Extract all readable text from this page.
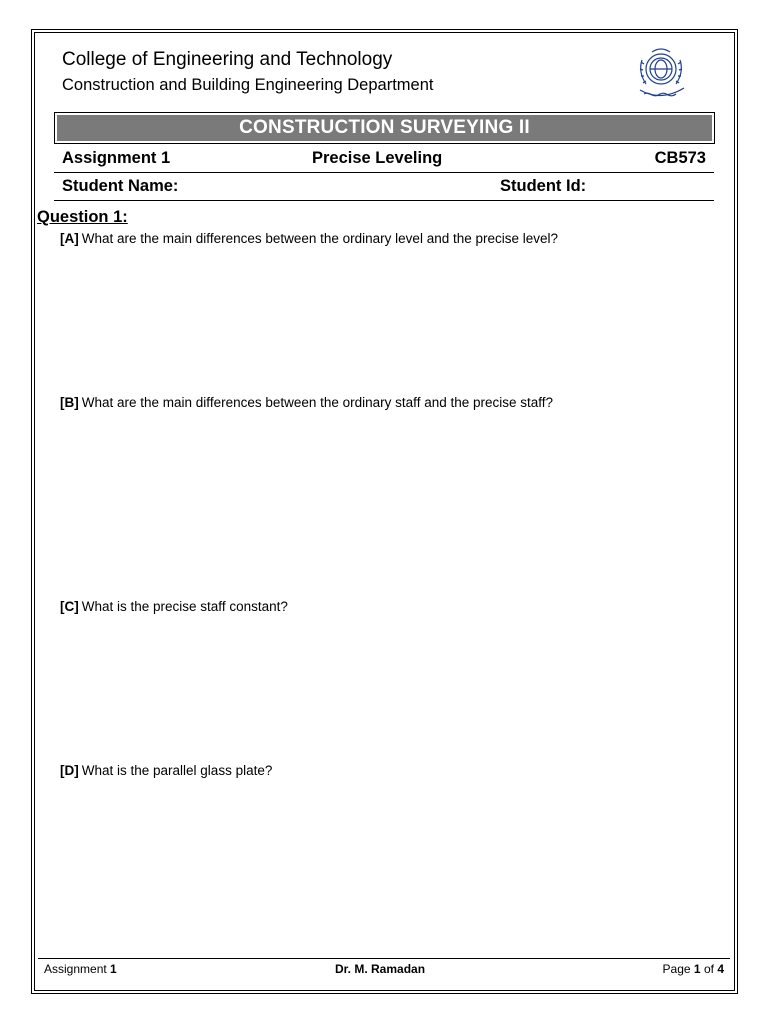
College of Engineering and Technology
Construction and Building Engineering Department
CONSTRUCTION SURVEYING II
Assignment 1	Precise Leveling	CB573
Student Name:	Student Id:
Question 1:
[A] What are the main differences between the ordinary level and the precise level?
[B] What are the main differences between the ordinary staff and the precise staff?
[C] What is the precise staff constant?
[D] What is the parallel glass plate?
Assignment 1	Dr. M. Ramadan	Page 1 of 4
